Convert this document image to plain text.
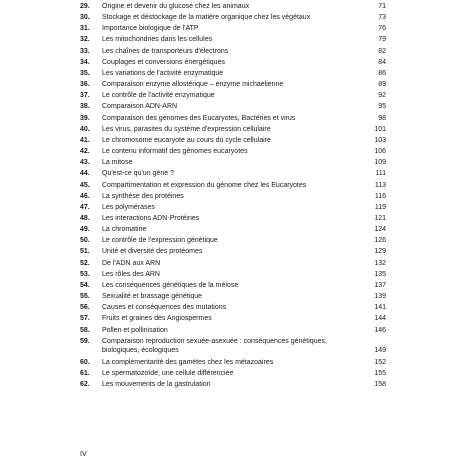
29.	Origine et devenir du glucose chez les animaux	71
30.	Stockage et déstockage de la matière organique chez les végétaux	73
31.	Importance biologique de l'ATP	76
32.	Les mitochondries dans les cellules	79
33.	Les chaînes de transporteurs d'électrons	82
34.	Couplages et conversions énergétiques	84
35.	Les variations de l'activité enzymatique	86
36.	Comparaison enzyme allostérique – enzyme michaelienne	89
37.	Le contrôle de l'activité enzymatique	92
38.	Comparaison ADN-ARN	95
39.	Comparaison des génomes des Eucaryotes, Bactéries et virus	98
40.	Les virus, parasites du système d'expression cellulaire	101
41.	Le chromosome eucaryote au cours du cycle cellulaire	103
42.	Le contenu informatif des génomes eucaryotes	106
43.	La mitose	109
44.	Qu'est-ce qu'un gène ?	111
45.	Compartimentation et expression du génome chez les Eucaryotes	113
46.	La synthèse des protéines	116
47.	Les polymérases	119
48.	Les interactions ADN-Protéines	121
49.	La chromatine	124
50.	Le contrôle de l'expression génétique	126
51.	Unité et diversité des protéomes	129
52.	De l'ADN aux ARN	132
53.	Les rôles des ARN	135
54.	Les conséquences génétiques de la méiose	137
55.	Sexualité et brassage génétique	139
56.	Causes et conséquences des mutations	141
57.	Fruits et graines des Angiospermes	144
58.	Pollen et pollinisation	146
59.	Comparaison reproduction sexuée-asexuée : conséquences génétiques, biologiques, écologiques	149
60.	La complémentarité des gamètes chez les métazoaires	152
61.	Le spermatozoïde, une cellule différenciée	155
62.	Les mouvements de la gastrulation	158
IV
